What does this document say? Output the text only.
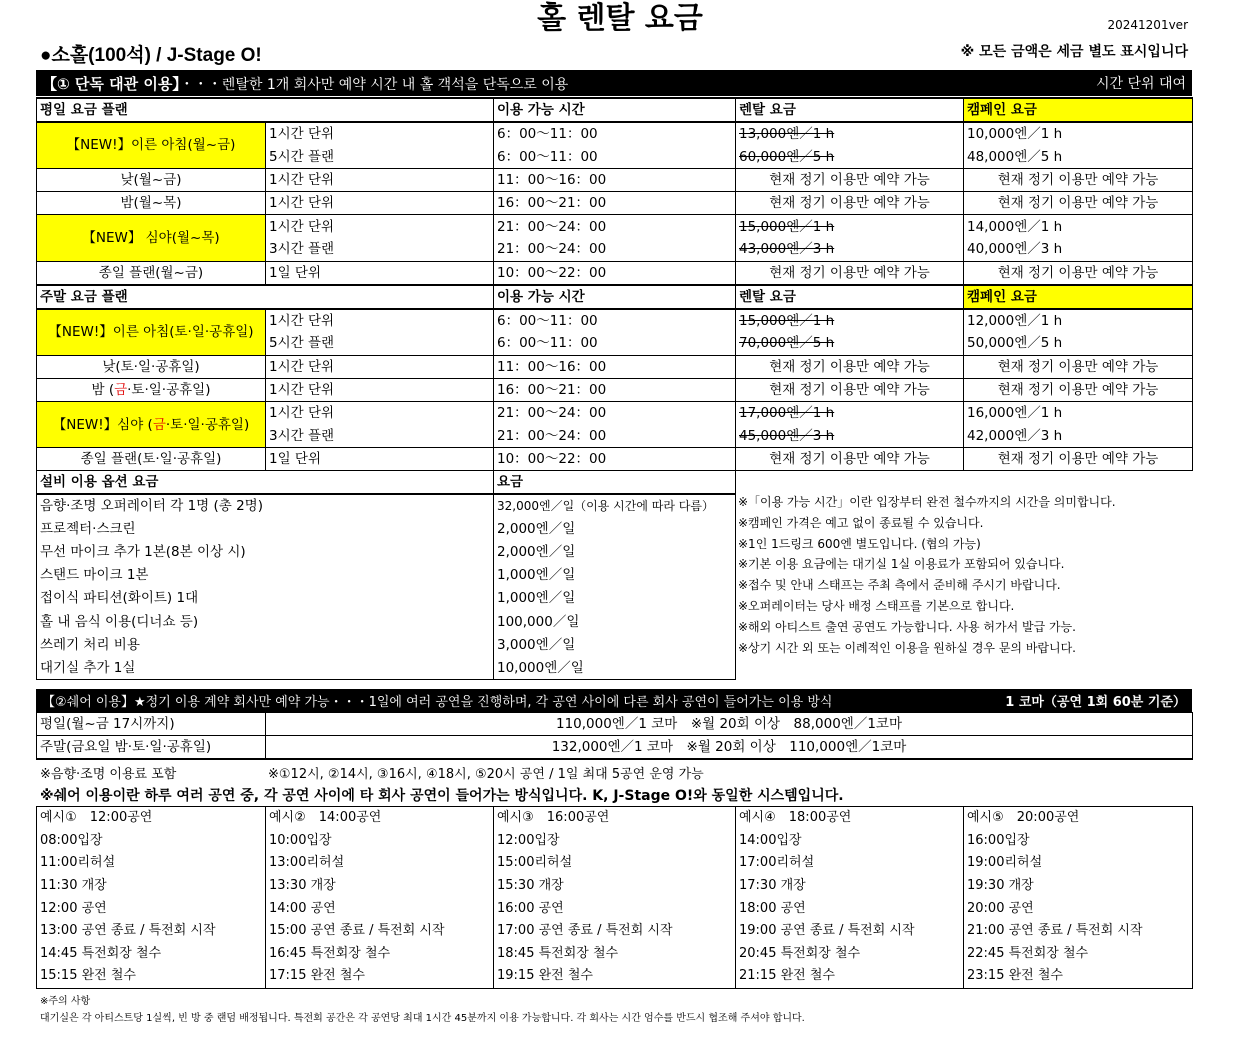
홀 렌탈 요금	20241201ver
●소홀(100석) / J-Stage O!	※ 모든 금액은 세금 별도 표시입니다
【① 단독 대관 이용】・・・렌탈한 1개 회사만 예약 시간 내 홀 객석을 단독으로 이용	시간 단위 대여
평일 요금 플랜		이용 가능 시간	렌탈 요금	캠페인 요금
【NEW!】이른 아침(월~금)	1시간 단위	6：00～11：00	13,000엔／1 h	10,000엔／1 h
	5시간 플랜	6：00～11：00	60,000엔／5 h	48,000엔／5 h
낮(월~금)	1시간 단위	11：00～16：00	현재 정기 이용만 예약 가능	현재 정기 이용만 예약 가능
밤(월~목)	1시간 단위	16：00～21：00	현재 정기 이용만 예약 가능	현재 정기 이용만 예약 가능
【NEW】 심야(월~목)	1시간 단위	21：00～24：00	15,000엔／1 h	14,000엔／1 h
	3시간 플랜	21：00～24：00	43,000엔／3 h	40,000엔／3 h
종일 플랜(월~금)	1일 단위	10：00～22：00	현재 정기 이용만 예약 가능	현재 정기 이용만 예약 가능
주말 요금 플랜		이용 가능 시간	렌탈 요금	캠페인 요금
【NEW!】이른 아침(토·일·공휴일)	1시간 단위	6：00～11：00	15,000엔／1 h	12,000엔／1 h
	5시간 플랜	6：00～11：00	70,000엔／5 h	50,000엔／5 h
낮(토·일·공휴일)	1시간 단위	11：00～16：00	현재 정기 이용만 예약 가능	현재 정기 이용만 예약 가능
밤 (금·토·일·공휴일)	1시간 단위	16：00～21：00	현재 정기 이용만 예약 가능	현재 정기 이용만 예약 가능
【NEW!】심야 (금·토·일·공휴일)	1시간 단위	21：00～24：00	17,000엔／1 h	16,000엔／1 h
	3시간 플랜	21：00～24：00	45,000엔／3 h	42,000엔／3 h
종일 플랜(토·일·공휴일)	1일 단위	10：00～22：00	현재 정기 이용만 예약 가능	현재 정기 이용만 예약 가능
설비 이용 옵션 요금	요금
음향·조명 오퍼레이터 각 1명 (총 2명)	32,000엔／일（이용 시간에 따라 다름）
프로젝터·스크린	2,000엔／일
무선 마이크 추가 1본(8본 이상 시)	2,000엔／일
스탠드 마이크 1본	1,000엔／일
접이식 파티션(화이트) 1대	1,000엔／일
홀 내 음식 이용(디너쇼 등)	100,000／일
쓰레기 처리 비용	3,000엔／일
대기실 추가 1실	10,000엔／일
※「이용 가능 시간」이란 입장부터 완전 철수까지의 시간을 의미합니다.
※캠페인 가격은 예고 없이 종료될 수 있습니다.
※1인 1드링크 600엔 별도입니다. (협의 가능)
※기본 이용 요금에는 대기실 1실 이용료가 포함되어 있습니다.
※접수 및 안내 스태프는 주최 측에서 준비해 주시기 바랍니다.
※오퍼레이터는 당사 배정 스태프를 기본으로 합니다.
※해외 아티스트 출연 공연도 가능합니다. 사용 허가서 발급 가능.
※상기 시간 외 또는 이례적인 이용을 원하실 경우 문의 바랍니다.
【②쉐어 이용】★정기 이용 계약 회사만 예약 가능・・・1일에 여러 공연을 진행하며, 각 공연 사이에 다른 회사 공연이 들어가는 이용 방식	1 코마（공연 1회 60분 기준）
평일(월~금 17시까지)	110,000엔／1 코마　※월 20회 이상　88,000엔／1코마
주말(금요일 밤·토·일·공휴일)	132,000엔／1 코마　※월 20회 이상　110,000엔／1코마
※음향·조명 이용료 포함	※①12시, ②14시, ③16시, ④18시, ⑤20시 공연 / 1일 최대 5공연 운영 가능
※쉐어 이용이란 하루 여러 공연 중, 각 공연 사이에 타 회사 공연이 들어가는 방식입니다. K, J-Stage O!와 동일한 시스템입니다.
예시①　12:00공연	예시②　14:00공연	예시③　16:00공연	예시④　18:00공연	예시⑤　20:00공연
08:00입장	10:00입장	12:00입장	14:00입장	16:00입장
11:00리허설	13:00리허설	15:00리허설	17:00리허설	19:00리허설
11:30 개장	13:30 개장	15:30 개장	17:30 개장	19:30 개장
12:00 공연	14:00 공연	16:00 공연	18:00 공연	20:00 공연
13:00 공연 종료 / 특전회 시작	15:00 공연 종료 / 특전회 시작	17:00 공연 종료 / 특전회 시작	19:00 공연 종료 / 특전회 시작	21:00 공연 종료 / 특전회 시작
14:45 특전회장 철수	16:45 특전회장 철수	18:45 특전회장 철수	20:45 특전회장 철수	22:45 특전회장 철수
15:15 완전 철수	17:15 완전 철수	19:15 완전 철수	21:15 완전 철수	23:15 완전 철수
※주의 사항
대기실은 각 아티스트당 1실씩, 빈 방 중 랜덤 배정됩니다. 특전회 공간은 각 공연당 최대 1시간 45분까지 이용 가능합니다. 각 회사는 시간 엄수를 반드시 협조해 주셔야 합니다.
